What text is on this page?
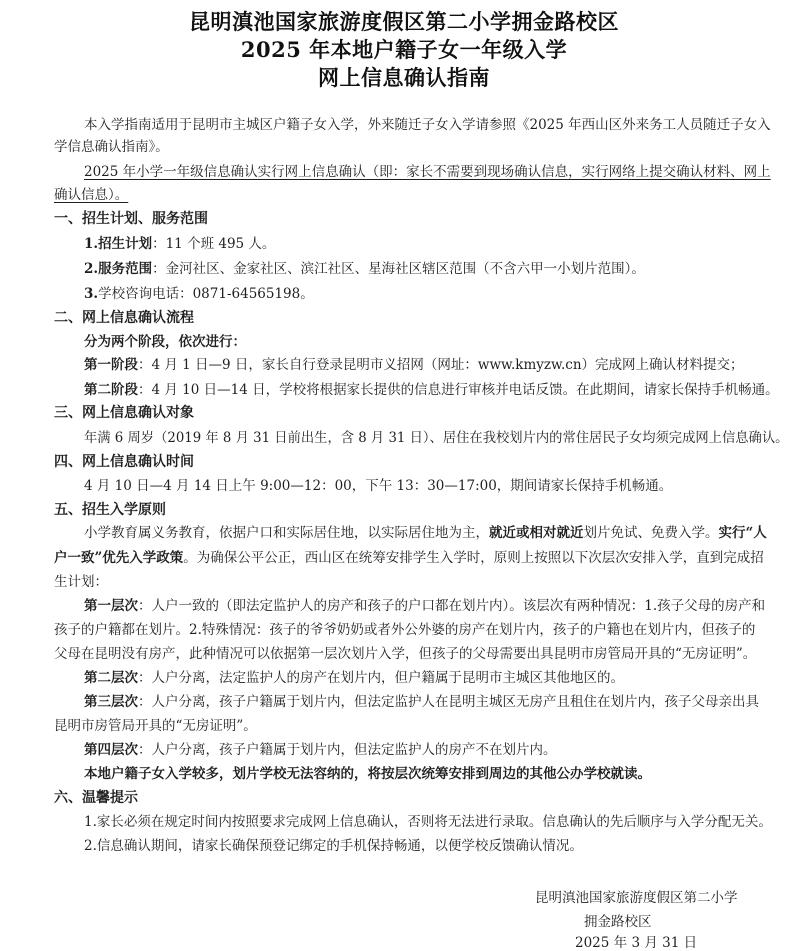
昆明滇池国家旅游度假区第二小学拥金路校区
2025 年本地户籍子女一年级入学
网上信息确认指南
本入学指南适用于昆明市主城区户籍子女入学，外来随迁子女入学请参照《2025 年西山区外来务工人员随迁子女入
学信息确认指南》。
2025 年小学一年级信息确认实行网上信息确认（即：家长不需要到现场确认信息，实行网络上提交确认材料、网上
确认信息）。
一、招生计划、服务范围
1.招生计划：11 个班 495 人。
2.服务范围：金河社区、金家社区、滨江社区、星海社区辖区范围（不含六甲一小划片范围）。
3.学校咨询电话：0871-64565198。
二、网上信息确认流程
分为两个阶段，依次进行：
第一阶段：4 月 1 日—9 日，家长自行登录昆明市义招网（网址：www.kmyzw.cn）完成网上确认材料提交；
第二阶段：4 月 10 日—14 日，学校将根据家长提供的信息进行审核并电话反馈。在此期间，请家长保持手机畅通。
三、网上信息确认对象
年满 6 周岁（2019 年 8 月 31 日前出生，含 8 月 31 日）、居住在我校划片内的常住居民子女均须完成网上信息确认。
四、网上信息确认时间
4 月 10 日—4 月 14 日上午 9:00—12：00，下午 13：30—17:00，期间请家长保持手机畅通。
五、招生入学原则
小学教育属义务教育，依据户口和实际居住地，以实际居住地为主，就近或相对就近划片免试、免费入学。实行“人
户一致”优先入学政策。为确保公平公正，西山区在统筹安排学生入学时，原则上按照以下次层次安排入学，直到完成招
生计划：
第一层次：人户一致的（即法定监护人的房产和孩子的户口都在划片内）。该层次有两种情况：1.孩子父母的房产和
孩子的户籍都在划片。2.特殊情况：孩子的爷爷奶奶或者外公外婆的房产在划片内，孩子的户籍也在划片内，但孩子的
父母在昆明没有房产，此种情况可以依据第一层次划片入学，但孩子的父母需要出具昆明市房管局开具的“无房证明”。
第二层次：人户分离，法定监护人的房产在划片内，但户籍属于昆明市主城区其他地区的。
第三层次：人户分离，孩子户籍属于划片内，但法定监护人在昆明主城区无房产且租住在划片内，孩子父母亲出具
昆明市房管局开具的“无房证明”。
第四层次：人户分离，孩子户籍属于划片内，但法定监护人的房产不在划片内。
本地户籍子女入学较多，划片学校无法容纳的，将按层次统筹安排到周边的其他公办学校就读。
六、温馨提示
1.家长必须在规定时间内按照要求完成网上信息确认，否则将无法进行录取。信息确认的先后顺序与入学分配无关。
2.信息确认期间，请家长确保预登记绑定的手机保持畅通，以便学校反馈确认情况。
昆明滇池国家旅游度假区第二小学
拥金路校区
2025 年 3 月 31 日
